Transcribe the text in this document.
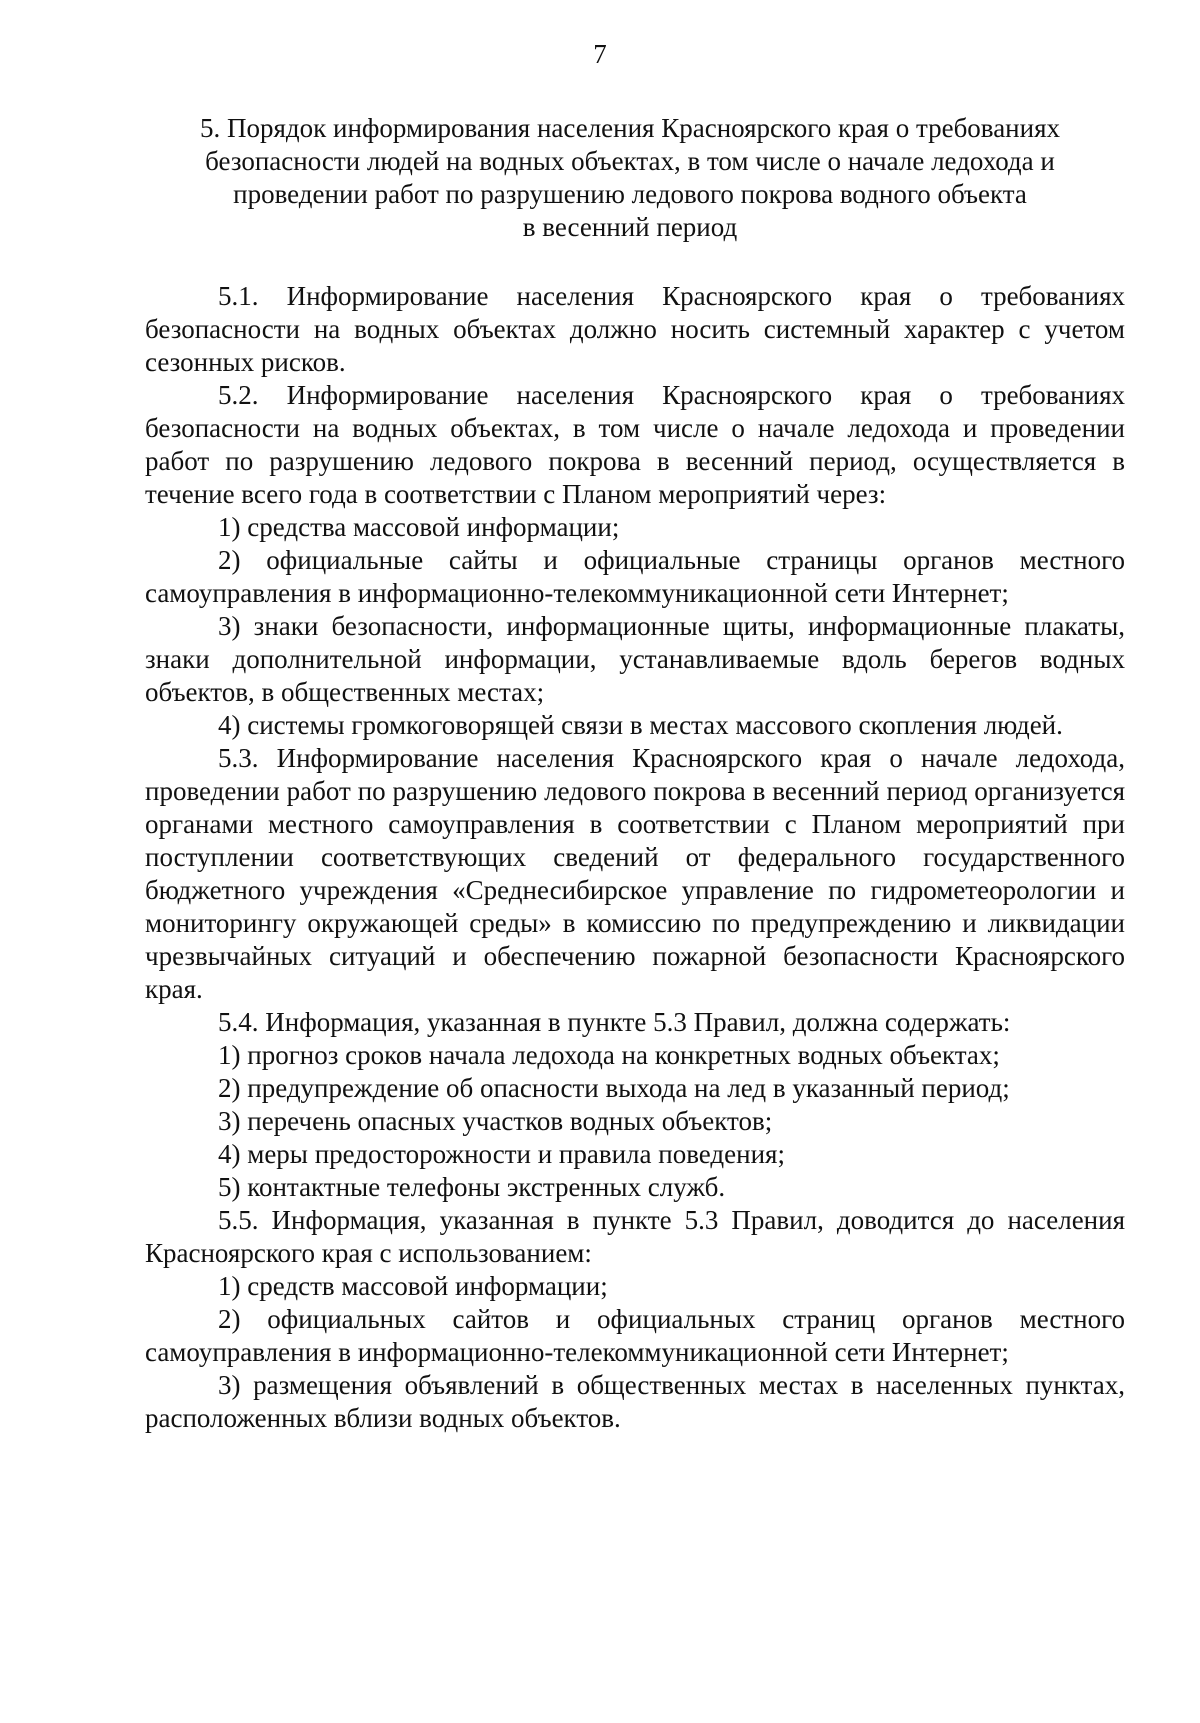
7
5. Порядок информирования населения Красноярского края о требованиях
безопасности людей на водных объектах, в том числе о начале ледохода и
проведении работ по разрушению ледового покрова водного объекта
в весенний период

5.1. Информирование населения Красноярского края о требованиях безопасности на водных объектах должно носить системный характер с учетом сезонных рисков.

5.2. Информирование населения Красноярского края о требованиях безопасности на водных объектах, в том числе о начале ледохода и проведении работ по разрушению ледового покрова в весенний период, осуществляется в течение всего года в соответствии с Планом мероприятий через:

1) средства массовой информации;

2) официальные сайты и официальные страницы органов местного самоуправления в информационно-телекоммуникационной сети Интернет;

3) знаки безопасности, информационные щиты, информационные плакаты, знаки дополнительной информации, устанавливаемые вдоль берегов водных объектов, в общественных местах;

4) системы громкоговорящей связи в местах массового скопления людей.

5.3. Информирование населения Красноярского края о начале ледохода, проведении работ по разрушению ледового покрова в весенний период организуется органами местного самоуправления в соответствии с Планом мероприятий при поступлении соответствующих сведений от федерального государственного бюджетного учреждения «Среднесибирское управление по гидрометеорологии и мониторингу окружающей среды» в комиссию по предупреждению и ликвидации чрезвычайных ситуаций и обеспечению пожарной безопасности Красноярского края.

5.4. Информация, указанная в пункте 5.3 Правил, должна содержать:

1) прогноз сроков начала ледохода на конкретных водных объектах;

2) предупреждение об опасности выхода на лед в указанный период;

3) перечень опасных участков водных объектов;

4) меры предосторожности и правила поведения;

5) контактные телефоны экстренных служб.

5.5. Информация, указанная в пункте 5.3 Правил, доводится до населения Красноярского края с использованием:

1) средств массовой информации;

2) официальных сайтов и официальных страниц органов местного самоуправления в информационно-телекоммуникационной сети Интернет;

3) размещения объявлений в общественных местах в населенных пунктах, расположенных вблизи водных объектов.
